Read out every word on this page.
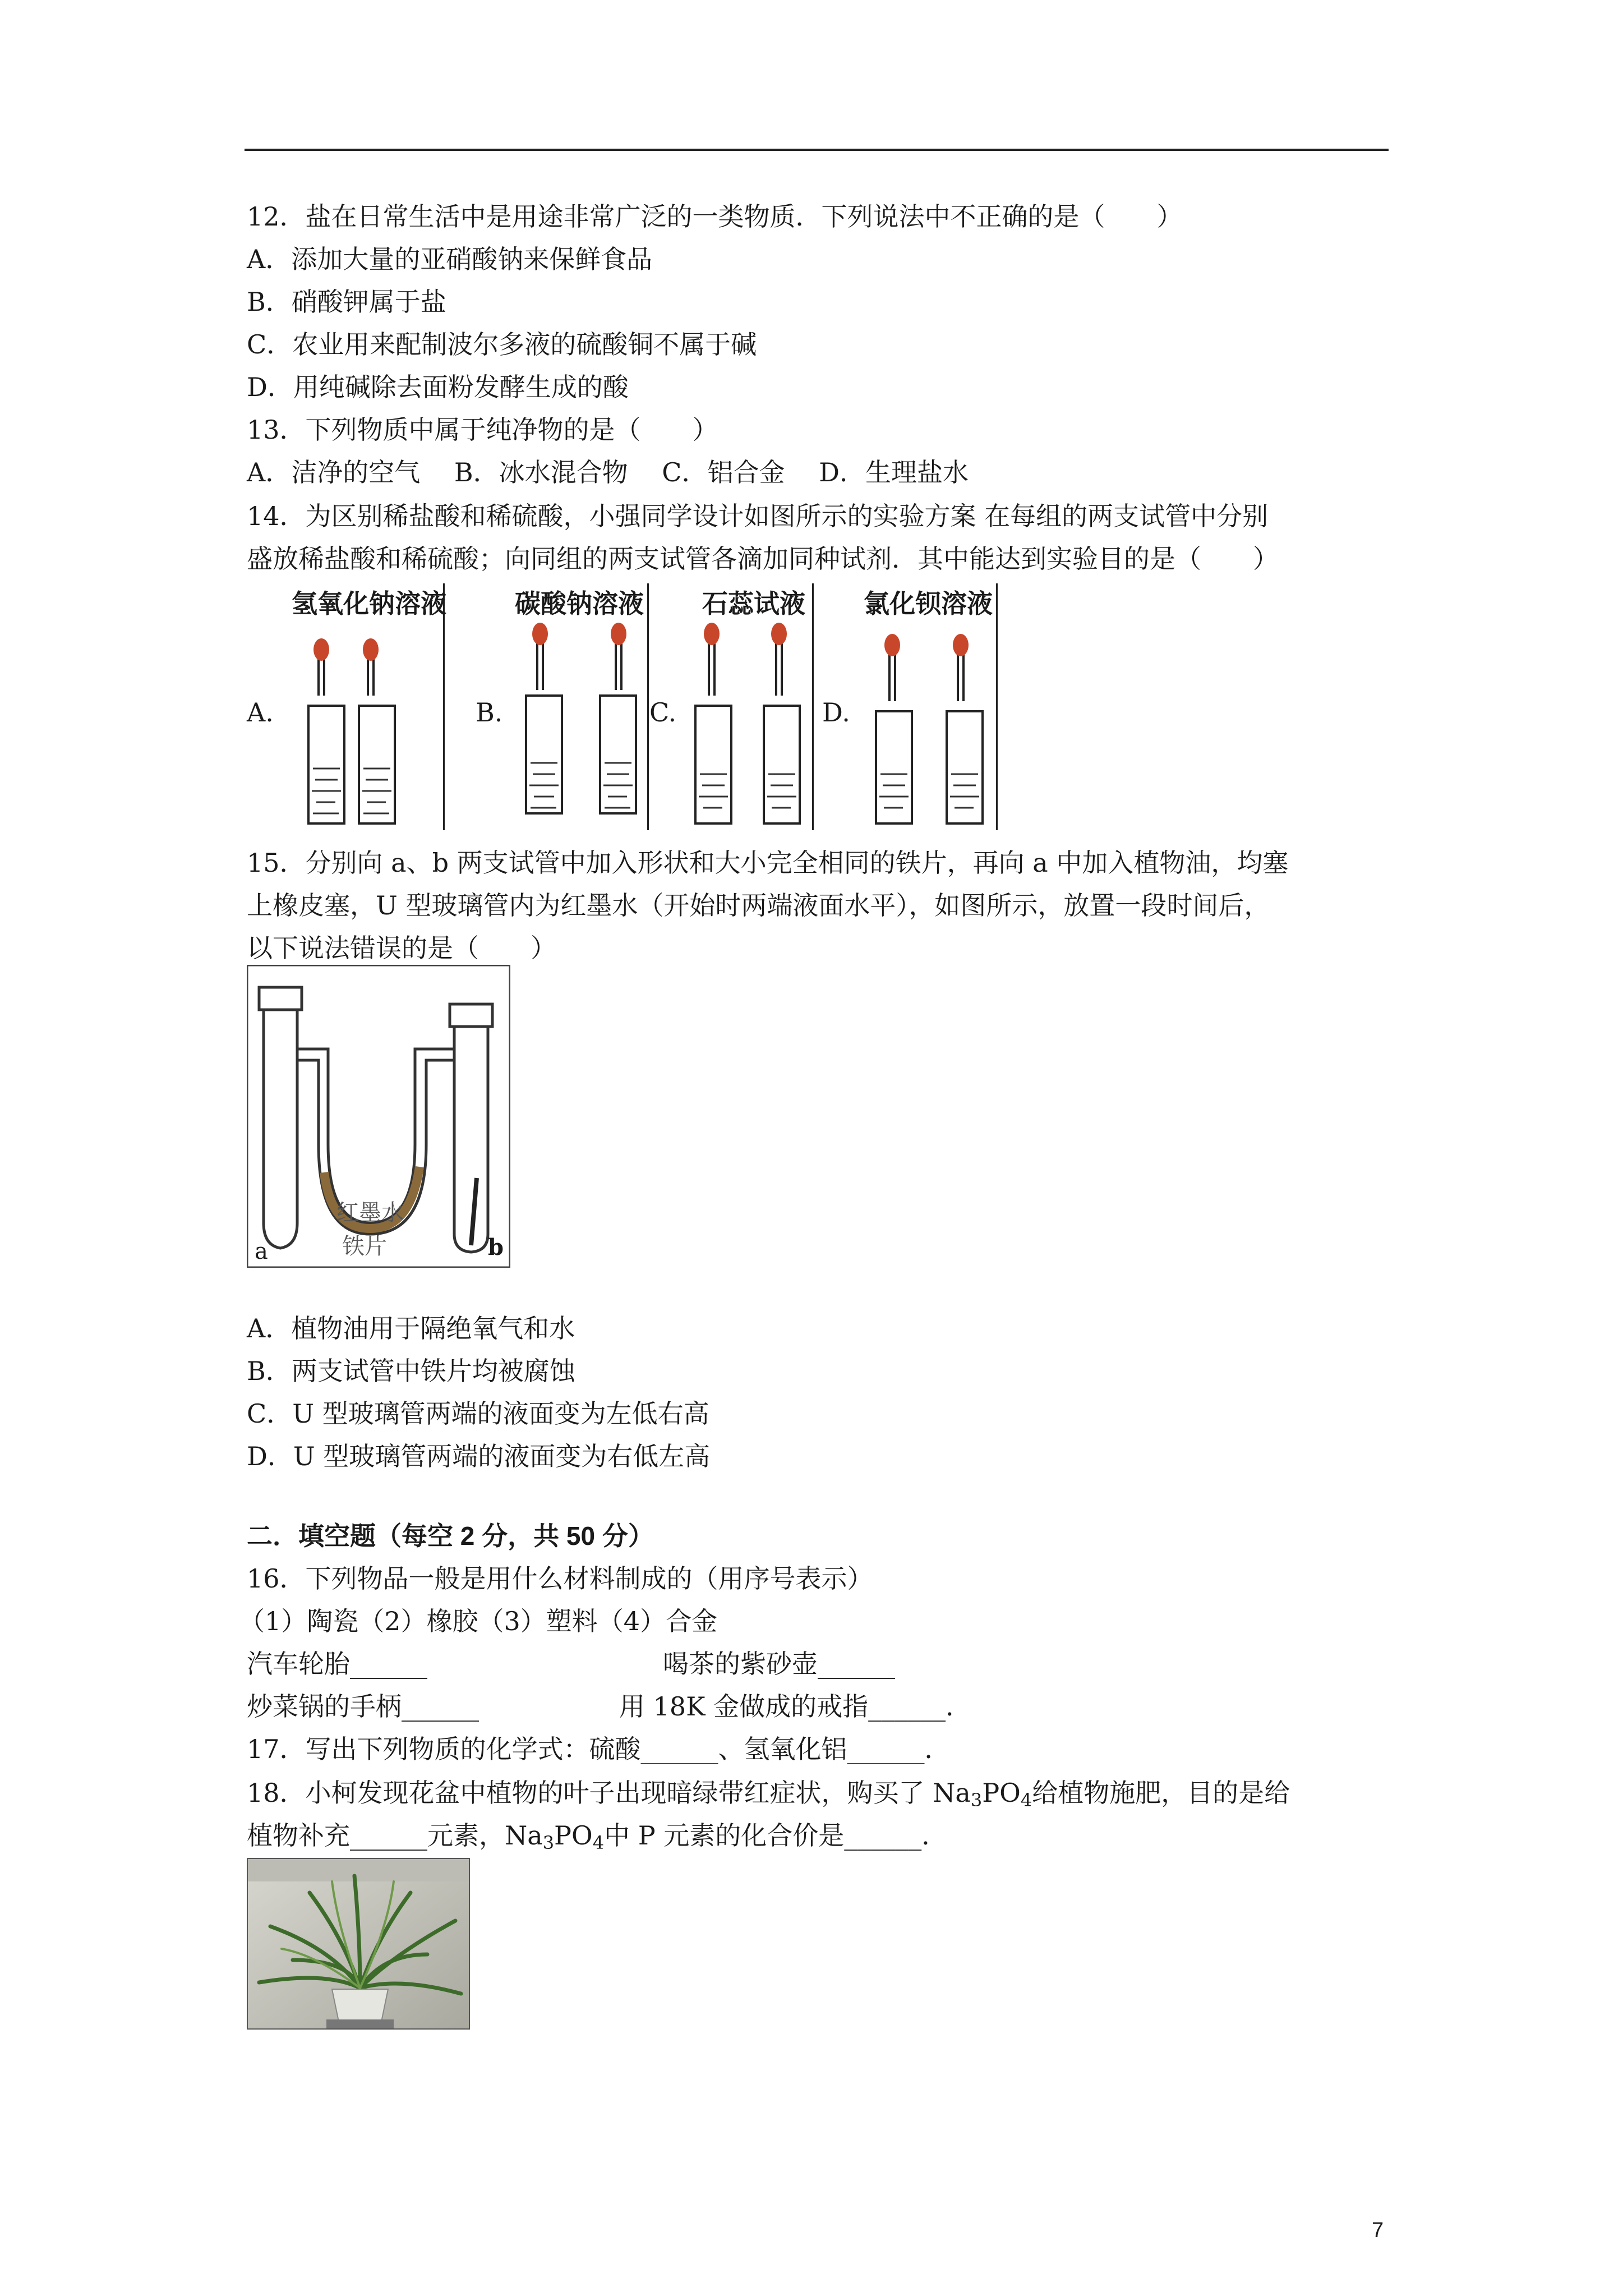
12．盐在日常生活中是用途非常广泛的一类物质．下列说法中不正确的是（　　）
A．添加大量的亚硝酸钠来保鲜食品
B．硝酸钾属于盐
C．农业用来配制波尔多液的硫酸铜不属于碱
D．用纯碱除去面粉发酵生成的酸
13．下列物质中属于纯净物的是（　　）
A．洁净的空气　 B．冰水混合物　 C．铝合金　 D．生理盐水
14．为区别稀盐酸和稀硫酸，小强同学设计如图所示的实验方案 在每组的两支试管中分别
盛放稀盐酸和稀硫酸；向同组的两支试管各滴加同种试剂．其中能达到实验目的是（　　）
A.	B.	C.	D.
氢氧化钠溶液	碳酸钠溶液 石蕊试液 氯化钡溶液
15．分别向 a、b 两支试管中加入形状和大小完全相同的铁片，再向 a 中加入植物油，均塞
上橡皮塞，U 型玻璃管内为红墨水（开始时两端液面水平），如图所示，放置一段时间后，
以下说法错误的是（　　）
a	b
红墨水
铁片
A．植物油用于隔绝氧气和水
B．两支试管中铁片均被腐蚀
C．U 型玻璃管两端的液面变为左低右高
D．U 型玻璃管两端的液面变为右低左高
二．填空题（每空 2 分，共 50 分）
16．下列物品一般是用什么材料制成的（用序号表示）
（1）陶瓷（2）橡胶（3）塑料（4）合金
汽车轮胎______	喝茶的紫砂壶______
炒菜锅的手柄______	用 18K 金做成的戒指______．
17．写出下列物质的化学式：硫酸______、氢氧化铝______．
18．小柯发现花盆中植物的叶子出现暗绿带红症状，购买了 $Na_3PO_4$给植物施肥，目的是给
植物补充______元素，$Na_3PO_4$中 P 元素的化合价是______．
7
